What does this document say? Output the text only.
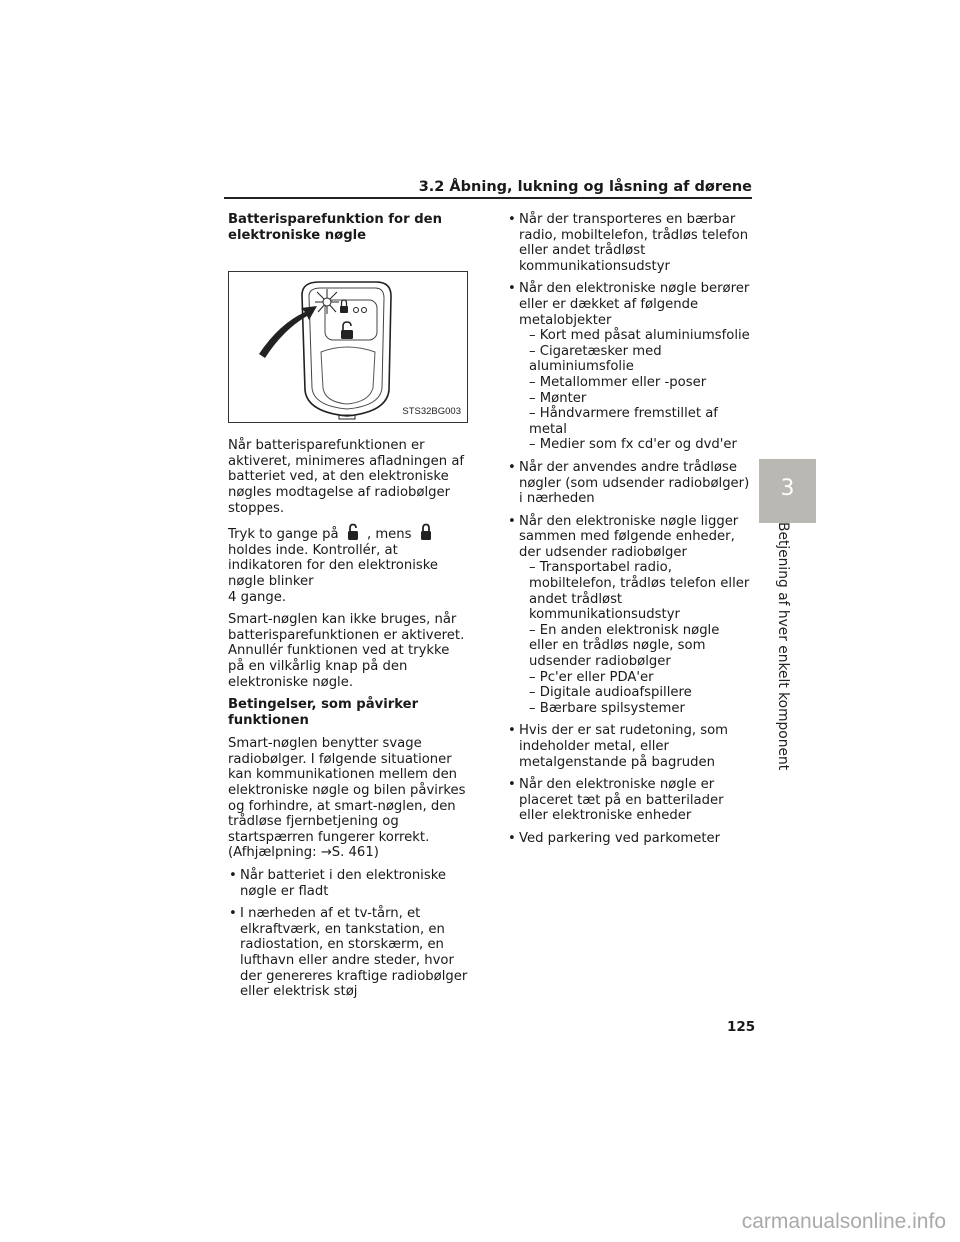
3.2 Åbning, lukning og låsning af dørene
Batterisparefunktion for den elektroniske nøgle
STS32BG003

Når batterisparefunktionen er aktiveret, minimeres afladningen af batteriet ved, at den elektroniske nøgles modtagelse af radiobølger stoppes.

Tryk to gange på , mens
holdes inde. Kontrollér, at indikatoren for den elektroniske nøgle blinker
4 gange.

Smart-nøglen kan ikke bruges, når batterisparefunktionen er aktiveret. Annullér funktionen ved at trykke på en vilkårlig knap på den elektroniske nøgle.

Betingelser, som påvirker funktionen

Smart-nøglen benytter svage radiobølger. I følgende situationer kan kommunikationen mellem den elektroniske nøgle og bilen påvirkes og forhindre, at smart-nøglen, den trådløse fjernbetjening og startspærren fungerer korrekt. (Afhjælpning: →S. 461)

• Når batteriet i den elektroniske nøgle er fladt
• I nærheden af et tv-tårn, et elkraftværk, en tankstation, en radiostation, en storskærm, en lufthavn eller andre steder, hvor der genereres kraftige radiobølger eller elektrisk støj
• Når der transporteres en bærbar radio, mobiltelefon, trådløs telefon eller andet trådløst kommunikationsudstyr
• Når den elektroniske nøgle berører eller er dækket af følgende metalobjekter
– Kort med påsat aluminiumsfolie
– Cigaretæsker med aluminiumsfolie
– Metallommer eller -poser
– Mønter
– Håndvarmere fremstillet af metal
– Medier som fx cd'er og dvd'er
• Når der anvendes andre trådløse nøgler (som udsender radiobølger) i nærheden
• Når den elektroniske nøgle ligger sammen med følgende enheder, der udsender radiobølger
– Transportabel radio, mobiltelefon, trådløs telefon eller andet trådløst kommunikationsudstyr
– En anden elektronisk nøgle eller en trådløs nøgle, som udsender radiobølger
– Pc'er eller PDA'er
– Digitale audioafspillere
– Bærbare spilsystemer
• Hvis der er sat rudetoning, som indeholder metal, eller metalgenstande på bagruden
• Når den elektroniske nøgle er placeret tæt på en batterilader eller elektroniske enheder
• Ved parkering ved parkometer
3
Betjening af hver enkelt komponent
125
carmanualsonline.info
